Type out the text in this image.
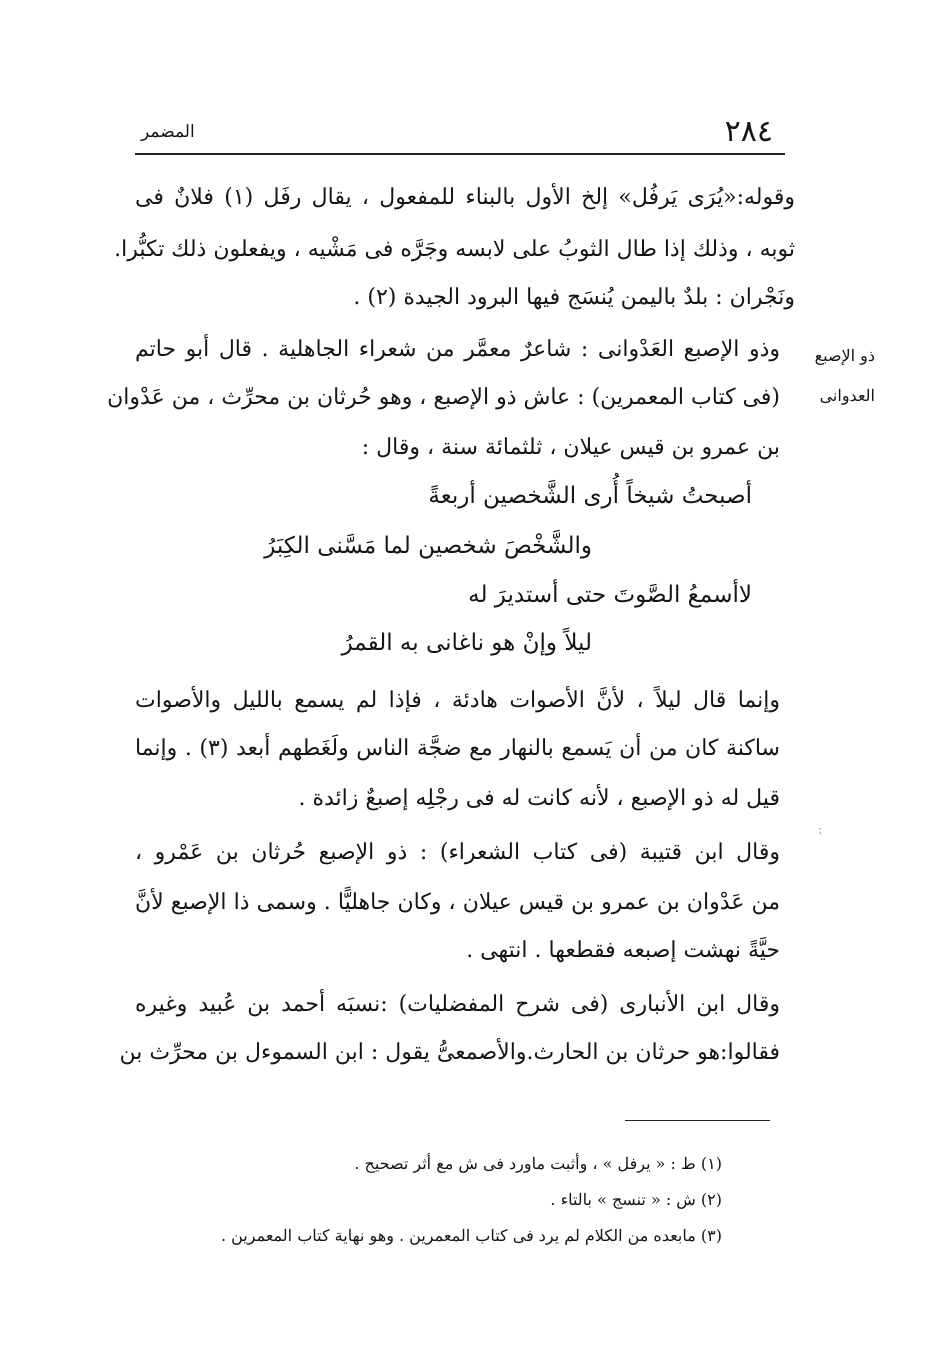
٢٨٤
المضمر
وقوله:«يُرَى يَرفُل» إلخ الأول بالبناء للمفعول ، يقال رفَل (١) فلانٌ فى
ثوبه ، وذلك إذا طال الثوبُ على لابسه وجَرَّه فى مَشْيه ، ويفعلون ذلك تكبُّرا.
ونَجْران : بلدٌ باليمن يُنسَج فيها البرود الجيدة (٢) .
وذو الإصبع العَدْوانى : شاعرٌ معمَّر من شعراء الجاهلية . قال أبو حاتم
(فى كتاب المعمرين) : عاش ذو الإصبع ، وهو حُرثان بن محرِّث ، من عَدْوان
بن عمرو بن قيس عيلان ، ثلثمائة سنة ، وقال :
ذو الإصبع
العدوانى
أصبحتُ شيخاً أُرى الشَّخصين أربعةً
والشَّخْصَ شخصين لما مَسَّنى الكِبَرُ
لاأسمعُ الصَّوتَ حتى أستديرَ له
ليلاً وإنْ هو ناغانى به القمرُ
وإنما قال ليلاً ، لأنَّ الأصوات هادئة ، فإذا لم يسمع بالليل والأصوات
ساكنة كان من أن يَسمع بالنهار مع ضجَّة الناس ولَغَطهم أبعد (٣) . وإنما
قيل له ذو الإصبع ، لأنه كانت له فى رجْلِه إصبعٌ زائدة .
وقال ابن قتيبة (فى كتاب الشعراء) : ذو الإصبع حُرثان بن عَمْرو ،
من عَدْوان بن عمرو بن قيس عيلان ، وكان جاهليًّا . وسمى ذا الإصبع لأنَّ
حيَّةً نهشت إصبعه فقطعها . انتهى .
وقال ابن الأنبارى (فى شرح المفضليات) :نسبَه أحمد بن عُبيد وغيره
فقالوا:هو حرثان بن الحارث.والأصمعىُّ يقول : ابن السموءل بن محرِّث بن
⁏
(١) ط : « يرفل » ، وأثبت ماورد فى ش مع أثر تصحيح .
(٢) ش : « تنسج » بالتاء .
(٣) مابعده من الكلام لم يرد فى كتاب المعمرين . وهو نهاية كتاب المعمرين .
